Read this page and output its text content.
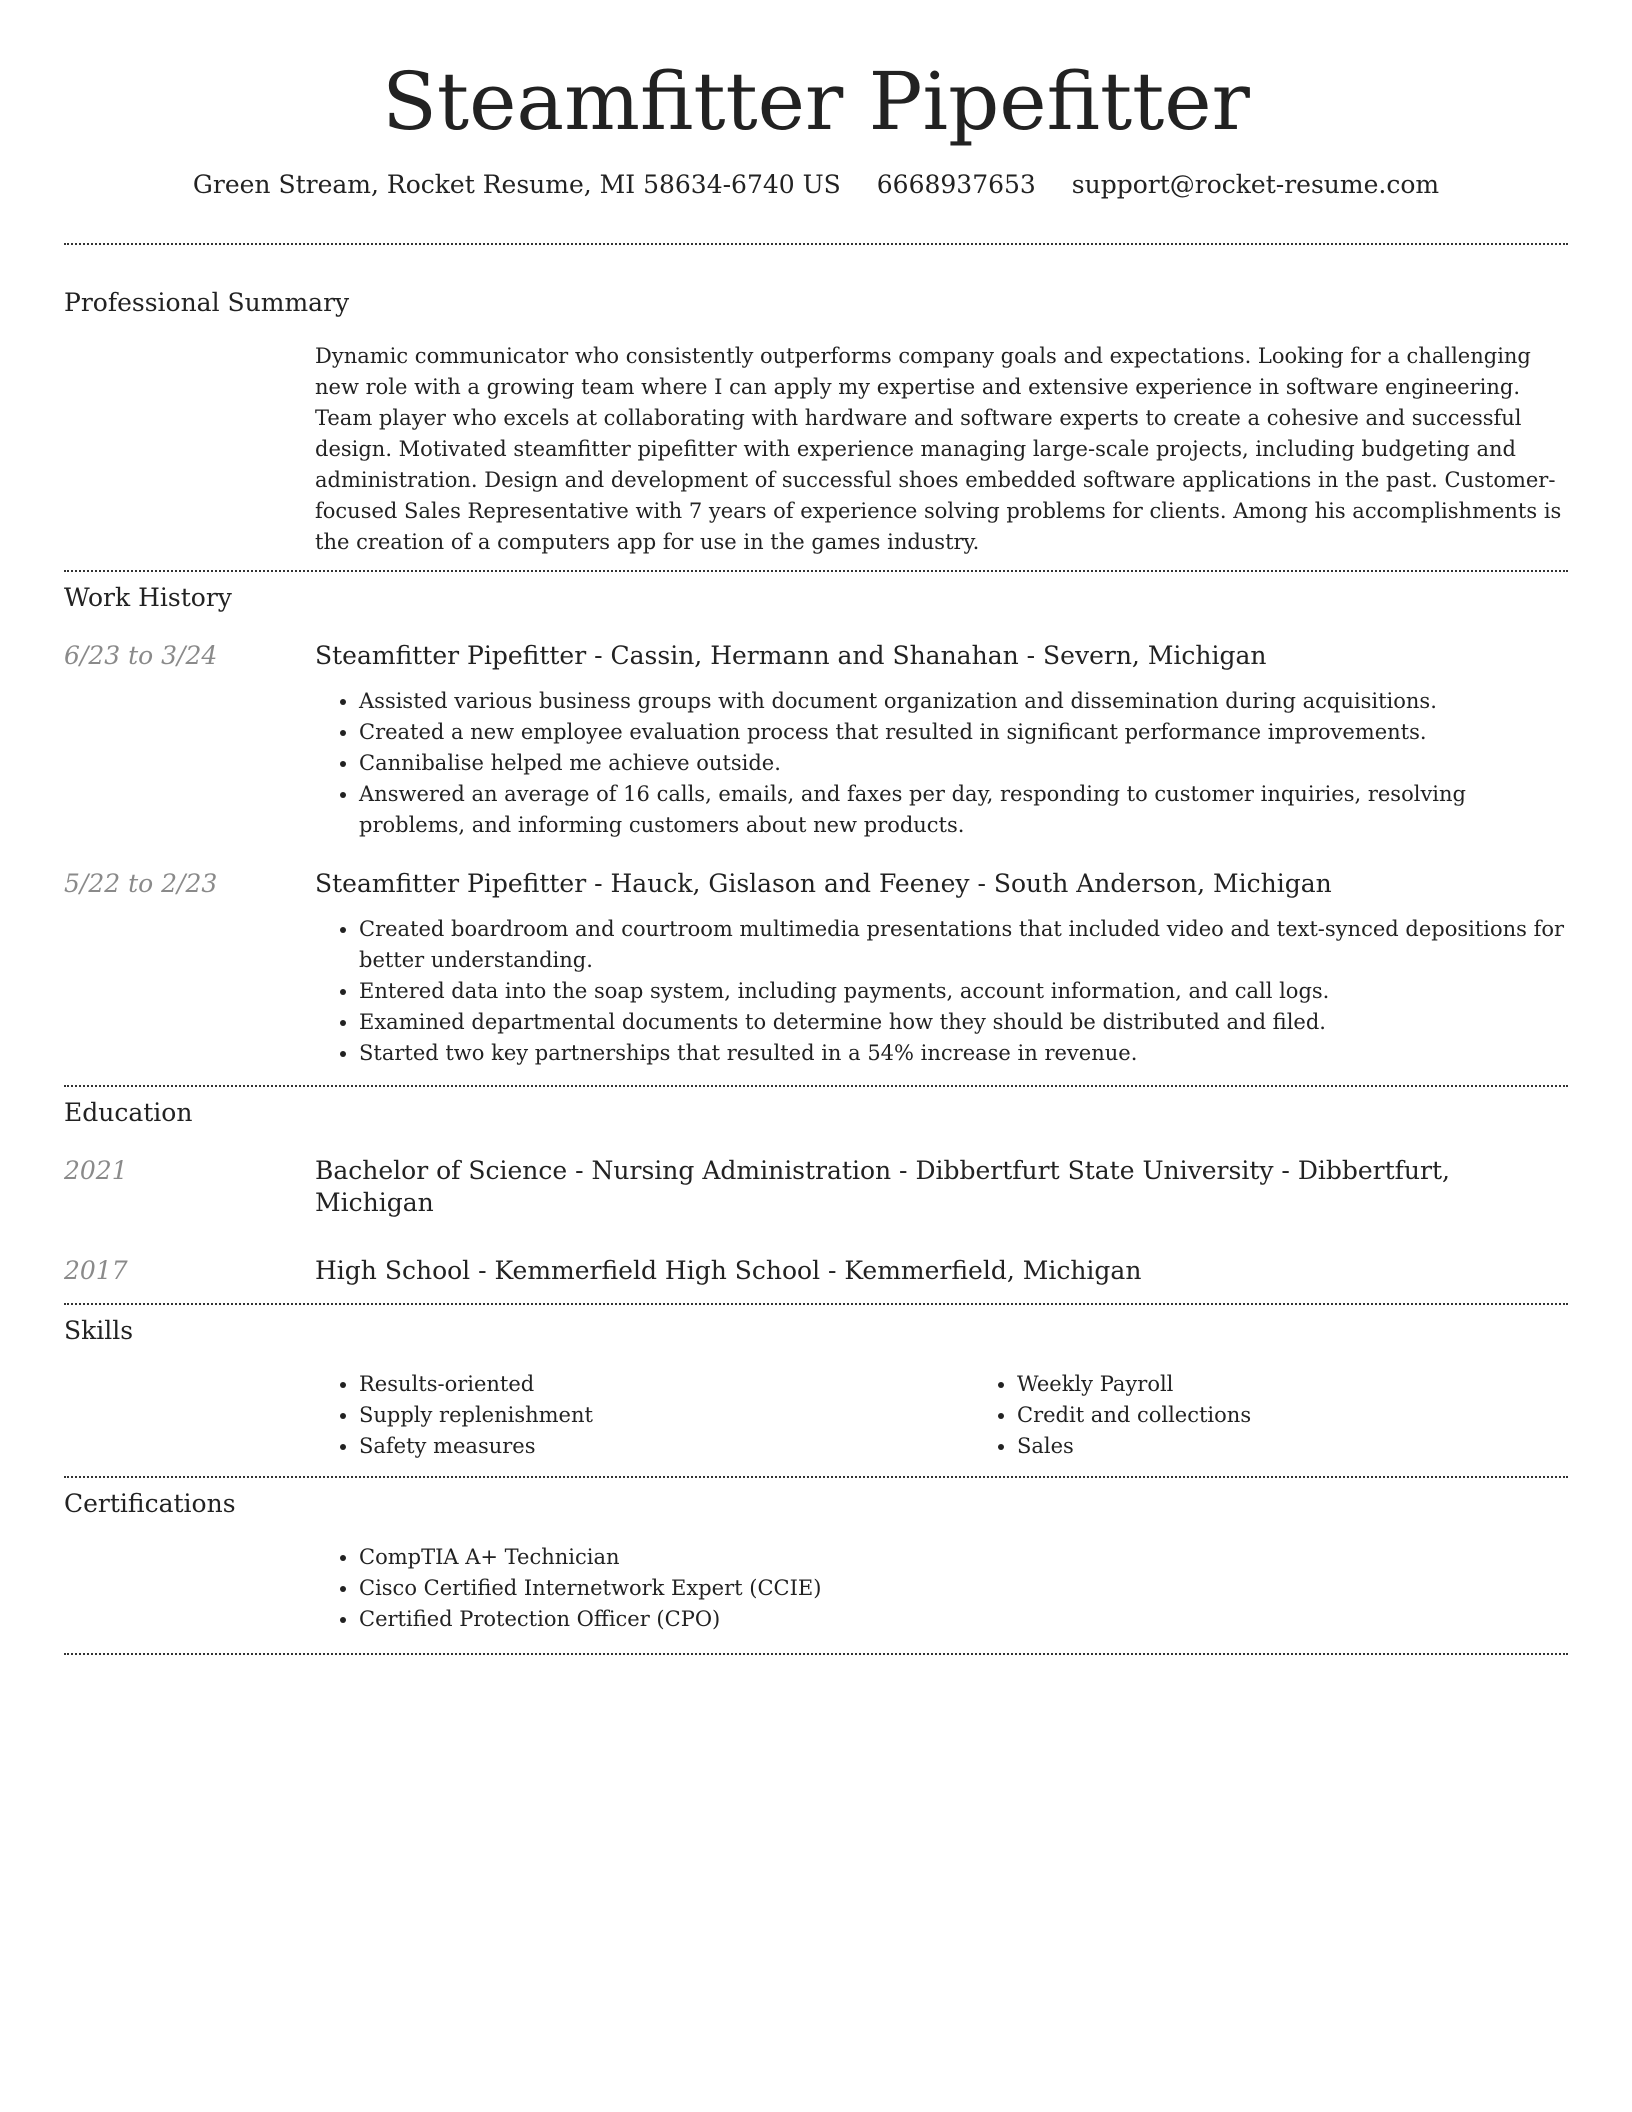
Steamfitter Pipefitter
Green Stream, Rocket Resume, MI 58634-6740 US 6668937653 support@rocket-resume.com
Professional Summary
Dynamic communicator who consistently outperforms company goals and expectations. Looking for a challenging new role with a growing team where I can apply my expertise and extensive experience in software engineering. Team player who excels at collaborating with hardware and software experts to create a cohesive and successful design. Motivated steamfitter pipefitter with experience managing large-scale projects, including budgeting and administration. Design and development of successful shoes embedded software applications in the past. Customer-focused Sales Representative with 7 years of experience solving problems for clients. Among his accomplishments is the creation of a computers app for use in the games industry.
Work History
6/23 to 3/24	Steamfitter Pipefitter - Cassin, Hermann and Shanahan - Severn, Michigan
• Assisted various business groups with document organization and dissemination during acquisitions.
• Created a new employee evaluation process that resulted in significant performance improvements.
• Cannibalise helped me achieve outside.
• Answered an average of 16 calls, emails, and faxes per day, responding to customer inquiries, resolving problems, and informing customers about new products.
5/22 to 2/23	Steamfitter Pipefitter - Hauck, Gislason and Feeney - South Anderson, Michigan
• Created boardroom and courtroom multimedia presentations that included video and text-synced depositions for better understanding.
• Entered data into the soap system, including payments, account information, and call logs.
• Examined departmental documents to determine how they should be distributed and filed.
• Started two key partnerships that resulted in a 54% increase in revenue.
Education
2021	Bachelor of Science - Nursing Administration - Dibbertfurt State University - Dibbertfurt, Michigan
2017	High School - Kemmerfield High School - Kemmerfield, Michigan
Skills
• Results-oriented
• Supply replenishment
• Safety measures
• Weekly Payroll
• Credit and collections
• Sales
Certifications
• CompTIA A+ Technician
• Cisco Certified Internetwork Expert (CCIE)
• Certified Protection Officer (CPO)
